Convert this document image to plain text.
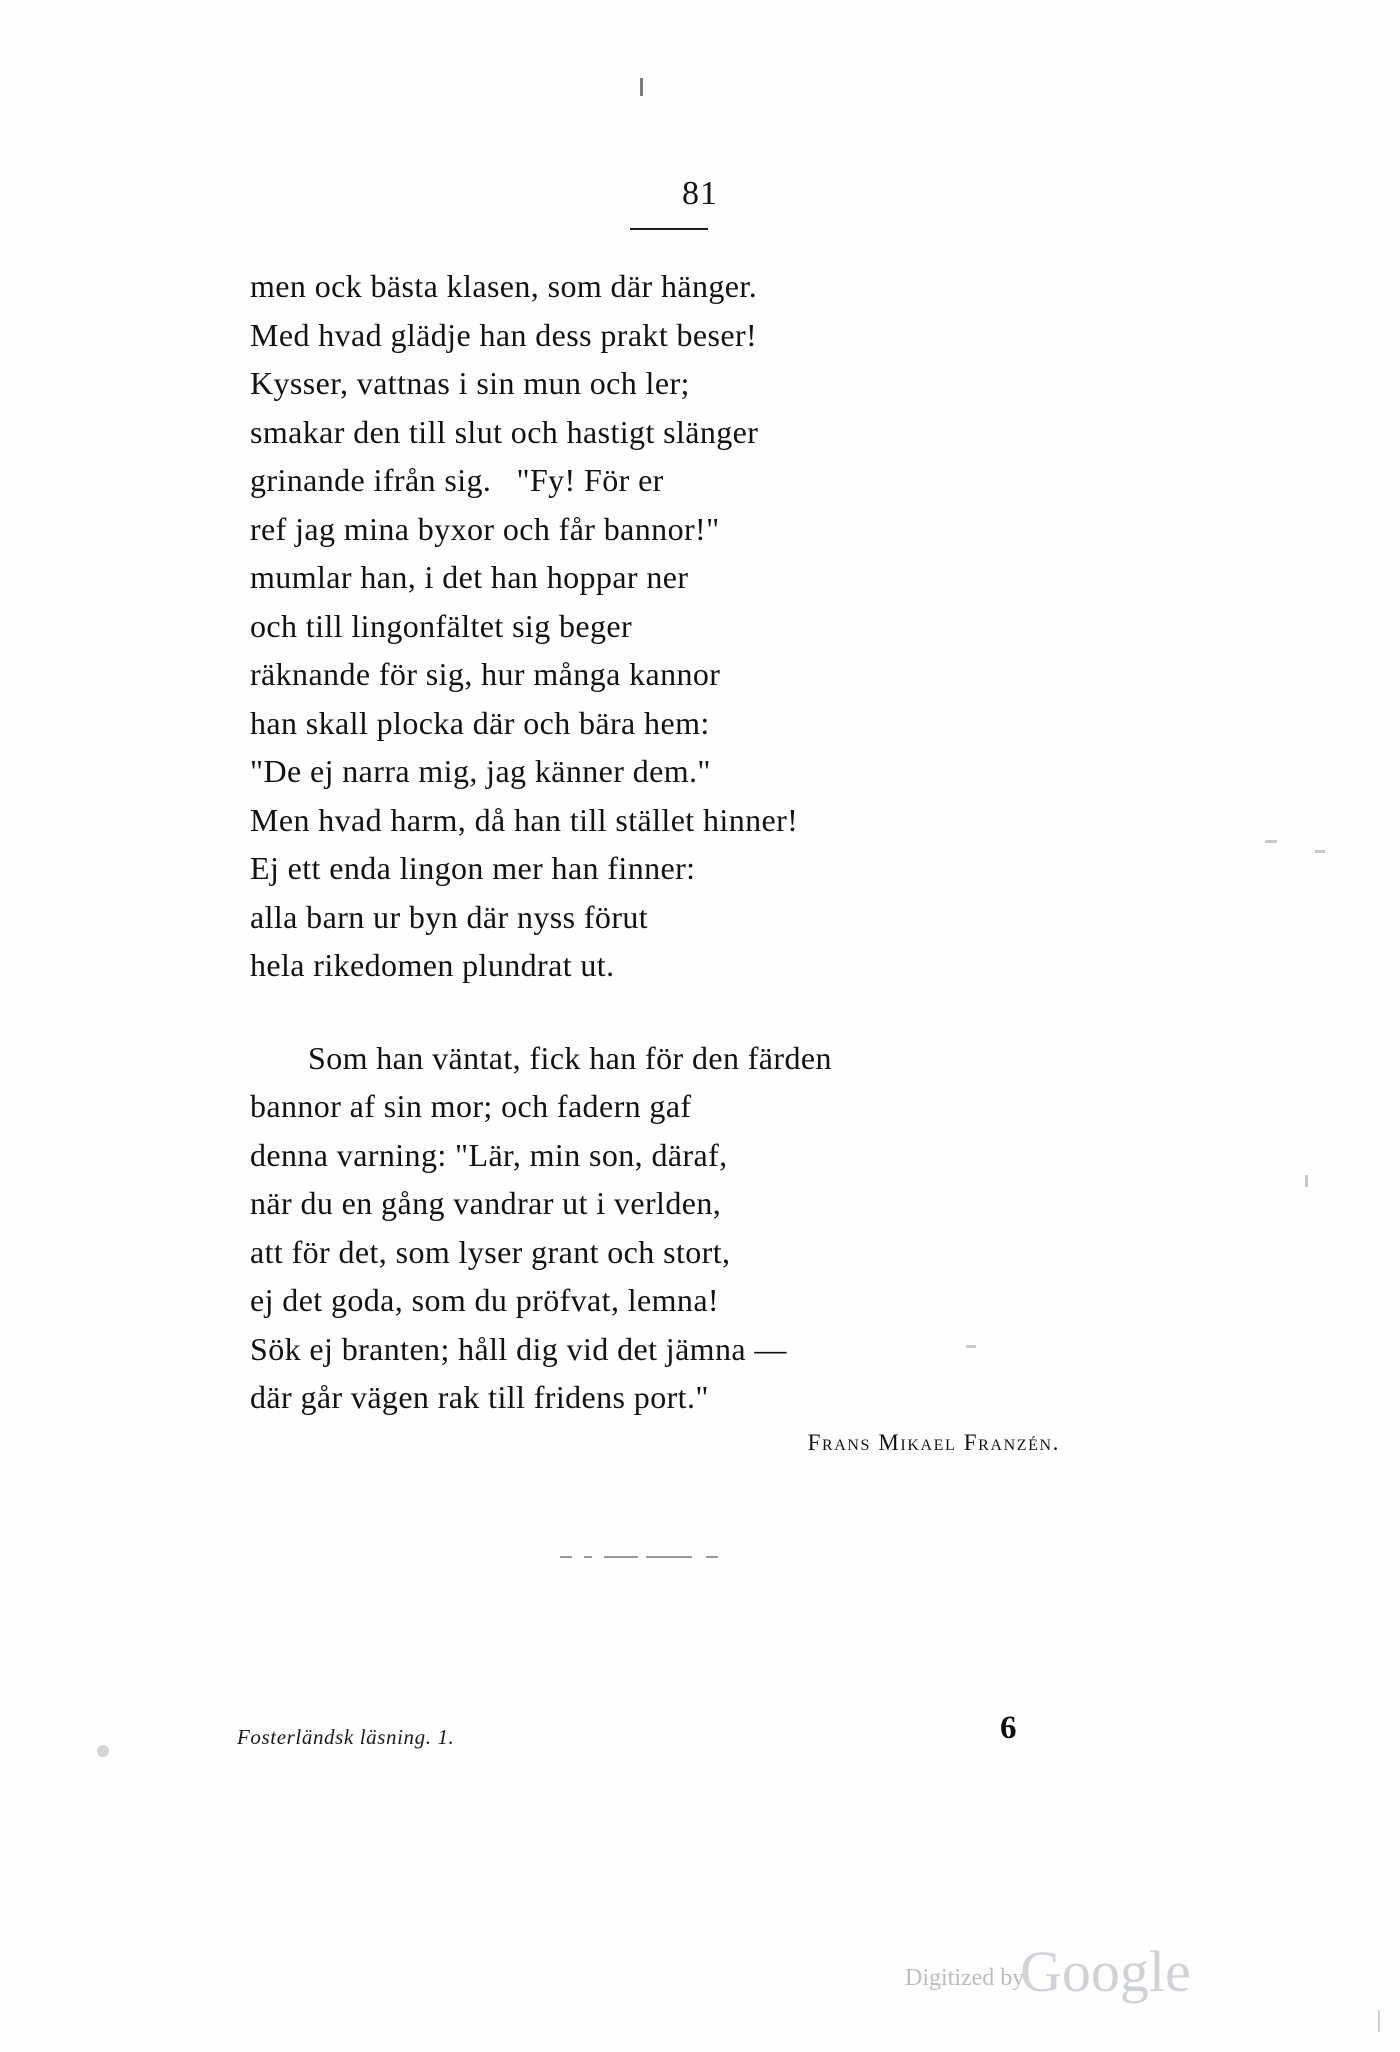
81
men ock bästa klasen, som där hänger.
Med hvad glädje han dess prakt beser!
Kysser, vattnas i sin mun och ler;
smakar den till slut och hastigt slänger
grinande ifrån sig.   "Fy! För er
ref jag mina byxor och får bannor!"
mumlar han, i det han hoppar ner
och till lingonfältet sig beger
räknande för sig, hur många kannor
han skall plocka där och bära hem:
"De ej narra mig, jag känner dem."
Men hvad harm, då han till stället hinner!
Ej ett enda lingon mer han finner:
alla barn ur byn där nyss förut
hela rikedomen plundrat ut.
Som han väntat, fick han för den färden
bannor af sin mor; och fadern gaf
denna varning: "Lär, min son, däraf,
när du en gång vandrar ut i verlden,
att för det, som lyser grant och stort,
ej det goda, som du pröfvat, lemna!
Sök ej branten; håll dig vid det jämna —
där går vägen rak till fridens port."
Frans Mikael Franzén.
Fosterländsk läsning. 1.	6
Digitized by
Google
